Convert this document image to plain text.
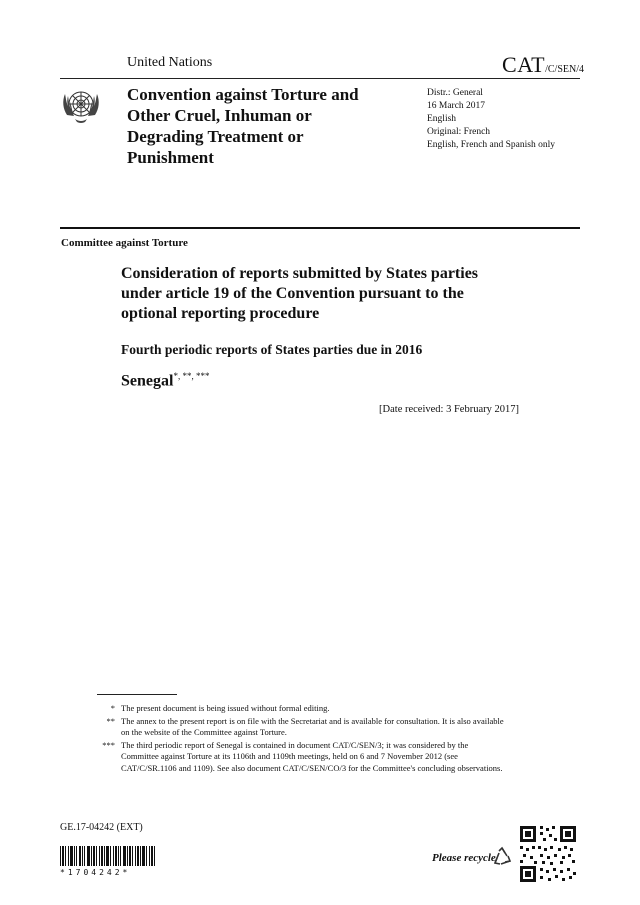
United Nations	CAT/C/SEN/4
Convention against Torture and Other Cruel, Inhuman or Degrading Treatment or Punishment
Distr.: General
16 March 2017
English
Original: French
English, French and Spanish only
Committee against Torture
Consideration of reports submitted by States parties under article 19 of the Convention pursuant to the optional reporting procedure
Fourth periodic reports of States parties due in 2016
Senegal*, **, ***
[Date received: 3 February 2017]
* The present document is being issued without formal editing.
** The annex to the present report is on file with the Secretariat and is available for consultation. It is also available on the website of the Committee against Torture.
*** The third periodic report of Senegal is contained in document CAT/C/SEN/3; it was considered by the Committee against Torture at its 1106th and 1109th meetings, held on 6 and 7 November 2012 (see CAT/C/SR.1106 and 1109). See also document CAT/C/SEN/CO/3 for the Committee's concluding observations.
GE.17-04242 (EXT)
*1704242*
Please recycle
